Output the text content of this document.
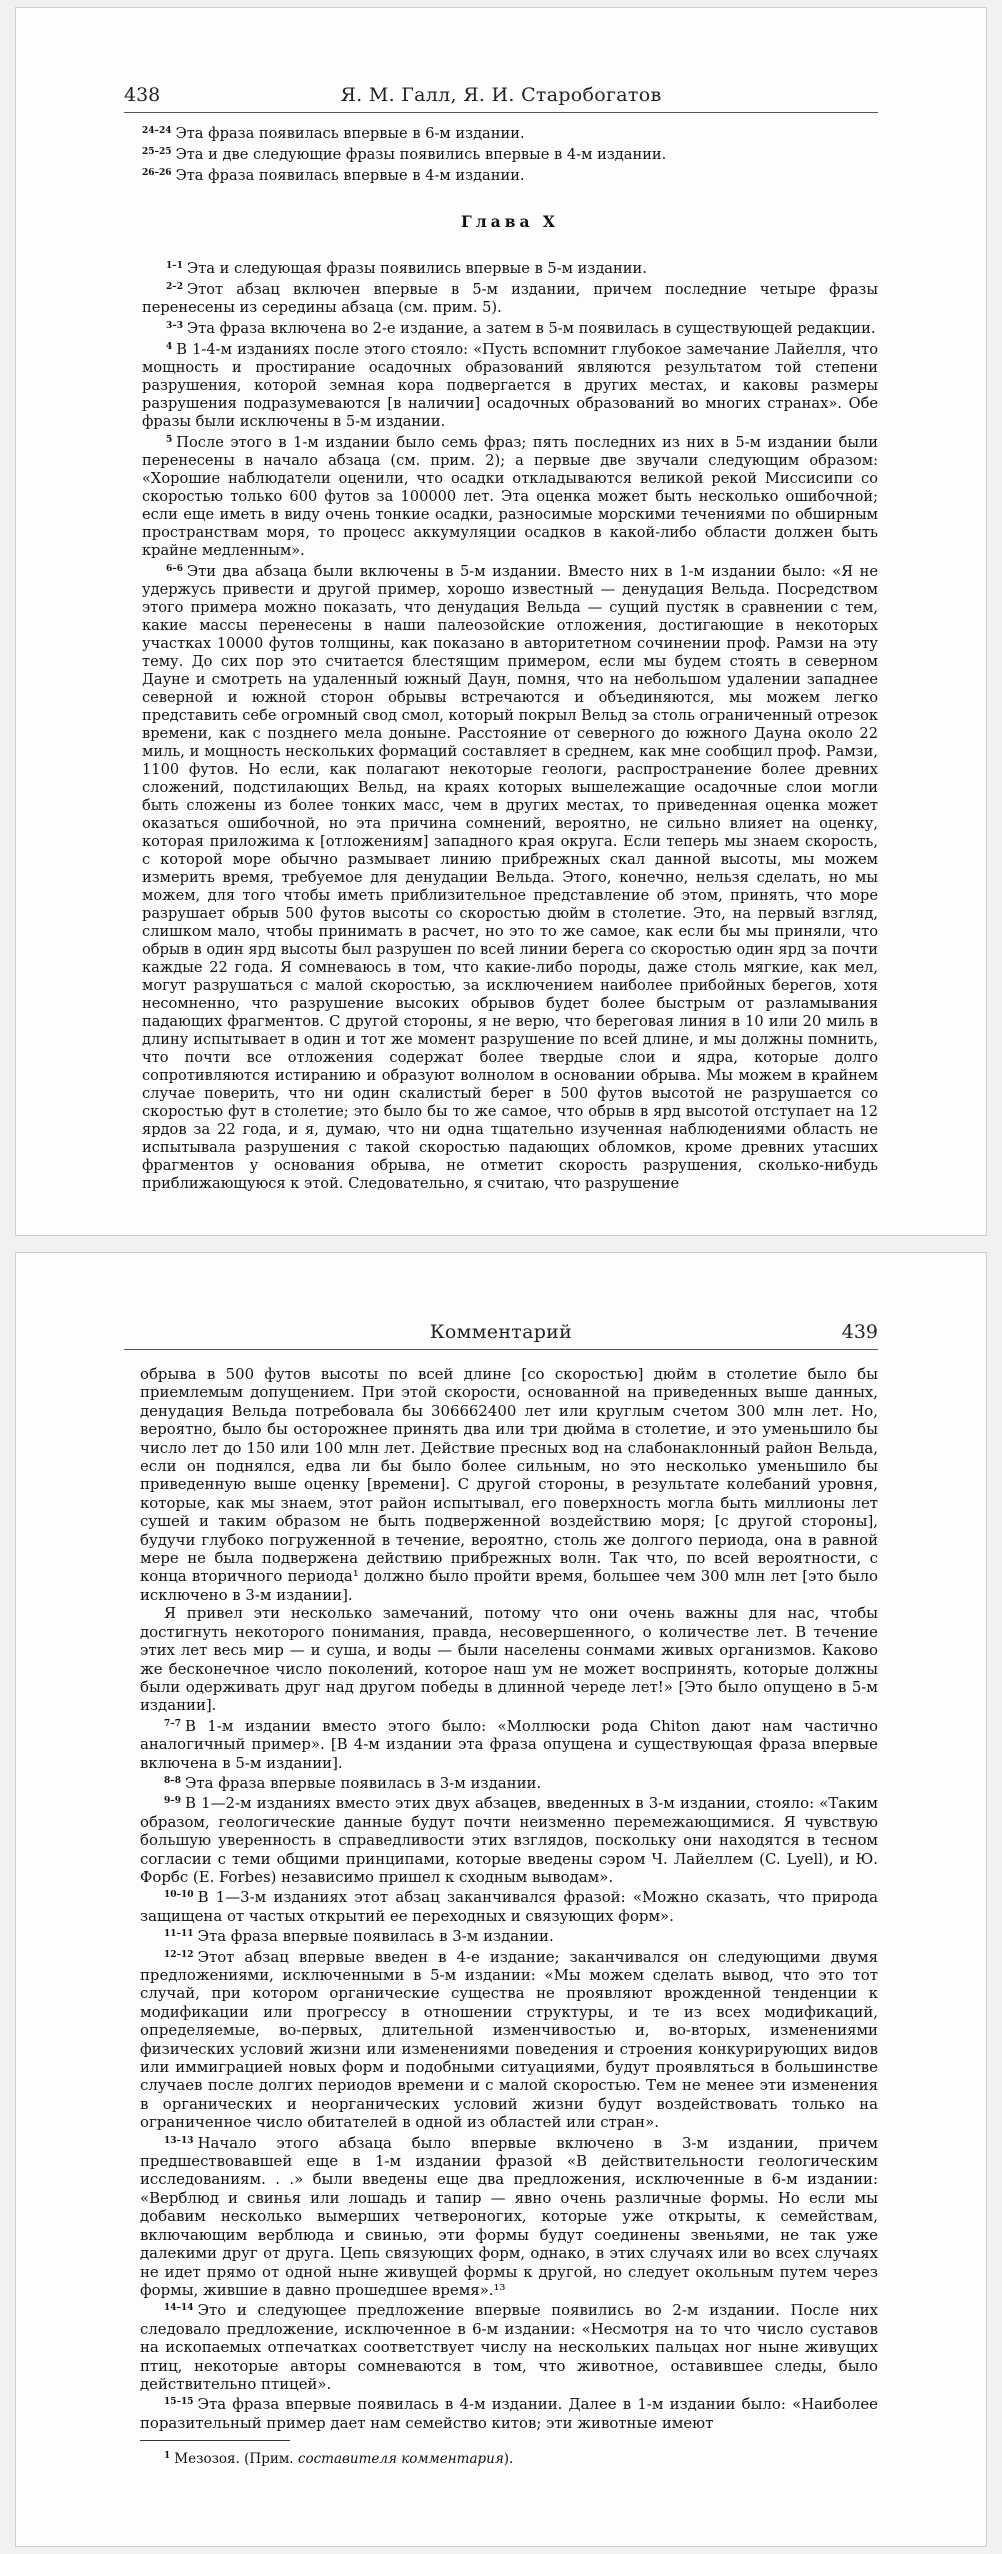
438	Я. М. Галл, Я. И. Старобогатов

$^{24-24}$ Эта фраза появилась впервые в 6-м издании.

$^{25-25}$ Эта и две следующие фразы появились впервые в 4-м издании.

$^{26-26}$ Эта фраза появилась впервые в 4-м издании.

Глава X

$^{1-1}$ Эта и следующая фразы появились впервые в 5-м издании.

$^{2-2}$ Этот абзац включен впервые в 5-м издании, причем последние четыре фразы перенесены из середины абзаца (см. прим. 5).

$^{3-3}$ Эта фраза включена во 2-е издание, а затем в 5-м появилась в существующей редакции.

$^4$ В 1-4-м изданиях после этого стояло: «Пусть вспомнит глубокое замечание Лайелля, что мощность и простирание осадочных образований являются результатом той степени разрушения, которой земная кора подвергается в других местах, и каковы размеры разрушения подразумеваются [в наличии] осадочных образований во многих странах». Обе фразы были исключены в 5-м издании.

$^5$ После этого в 1-м издании было семь фраз; пять последних из них в 5-м издании были перенесены в начало абзаца (см. прим. 2); а первые две звучали следующим образом: «Хорошие наблюдатели оценили, что осадки откладываются великой рекой Миссисипи со скоростью только 600 футов за 100000 лет. Эта оценка может быть несколько ошибочной; если еще иметь в виду очень тонкие осадки, разносимые морскими течениями по обширным пространствам моря, то процесс аккумуляции осадков в какой-либо области должен быть крайне медленным».

$^{6-6}$ Эти два абзаца были включены в 5-м издании. Вместо них в 1-м издании было: «Я не удержусь привести и другой пример, хорошо известный — денудация Вельда. Посредством этого примера можно показать, что денудация Вельда — сущий пустяк в сравнении с тем, какие массы перенесены в наши палеозойские отложения, достигающие в некоторых участках 10000 футов толщины, как показано в авторитетном сочинении проф. Рамзи на эту тему. До сих пор это считается блестящим примером, если мы будем стоять в северном Дауне и смотреть на удаленный южный Даун, помня, что на небольшом удалении западнее северной и южной сторон обрывы встречаются и объединяются, мы можем легко представить себе огромный свод смол, который покрыл Вельд за столь ограниченный отрезок времени, как с позднего мела доныне. Расстояние от северного до южного Дауна около 22 миль, и мощность нескольких формаций составляет в среднем, как мне сообщил проф. Рамзи, 1100 футов. Но если, как полагают некоторые геологи, распространение более древних сложений, подстилающих Вельд, на краях которых вышележащие осадочные слои могли быть сложены из более тонких масс, чем в других местах, то приведенная оценка может оказаться ошибочной, но эта причина сомнений, вероятно, не сильно влияет на оценку, которая приложима к [отложениям] западного края округа. Если теперь мы знаем скорость, с которой море обычно размывает линию прибрежных скал данной высоты, мы можем измерить время, требуемое для денудации Вельда. Этого, конечно, нельзя сделать, но мы можем, для того чтобы иметь приблизительное представление об этом, принять, что море разрушает обрыв 500 футов высоты со скоростью дюйм в столетие. Это, на первый взгляд, слишком мало, чтобы принимать в расчет, но это то же самое, как если бы мы приняли, что обрыв в один ярд высоты был разрушен по всей линии берега со скоростью один ярд за почти каждые 22 года. Я сомневаюсь в том, что какие-либо породы, даже столь мягкие, как мел, могут разрушаться с малой скоростью, за исключением наиболее прибойных берегов, хотя несомненно, что разрушение высоких обрывов будет более быстрым от разламывания падающих фрагментов. С другой стороны, я не верю, что береговая линия в 10 или 20 миль в длину испытывает в один и тот же момент разрушение по всей длине, и мы должны помнить, что почти все отложения содержат более твердые слои и ядра, которые долго сопротивляются истиранию и образуют волнолом в основании обрыва. Мы можем в крайнем случае поверить, что ни один скалистый берег в 500 футов высотой не разрушается со скоростью фут в столетие; это было бы то же самое, что обрыв в ярд высотой отступает на 12 ярдов за 22 года, и я, думаю, что ни одна тщательно изученная наблюдениями область не испытывала разрушения с такой скоростью падающих обломков, кроме древних утасших фрагментов у основания обрыва, не отметит скорость разрушения, сколько-нибудь приближающуюся к этой. Следовательно, я считаю, что разрушение

Комментарий	439

обрыва в 500 футов высоты по всей длине [со скоростью] дюйм в столетие было бы приемлемым допущением. При этой скорости, основанной на приведенных выше данных, денудация Вельда потребовала бы 306662400 лет или круглым счетом 300 млн лет. Но, вероятно, было бы осторожнее принять два или три дюйма в столетие, и это уменьшило бы число лет до 150 или 100 млн лет. Действие пресных вод на слабонаклонный район Вельда, если он поднялся, едва ли бы было более сильным, но это несколько уменьшило бы приведенную выше оценку [времени]. С другой стороны, в результате колебаний уровня, которые, как мы знаем, этот район испытывал, его поверхность могла быть миллионы лет сушей и таким образом не быть подверженной воздействию моря; [с другой стороны], будучи глубоко погруженной в течение, вероятно, столь же долгого периода, она в равной мере не была подвержена действию прибрежных волн. Так что, по всей вероятности, с конца вторичного периода¹ должно было пройти время, большее чем 300 млн лет [это было исключено в 3-м издании].

Я привел эти несколько замечаний, потому что они очень важны для нас, чтобы достигнуть некоторого понимания, правда, несовершенного, о количестве лет. В течение этих лет весь мир — и суша, и воды — были населены сонмами живых организмов. Каково же бесконечное число поколений, которое наш ум не может воспринять, которые должны были одерживать друг над другом победы в длинной череде лет!» [Это было опущено в 5-м издании].

$^{7-7}$ В 1-м издании вместо этого было: «Моллюски рода Chiton дают нам частично аналогичный пример». [В 4-м издании эта фраза опущена и существующая фраза впервые включена в 5-м издании].

$^{8-8}$ Эта фраза впервые появилась в 3-м издании.

$^{9-9}$ В 1—2-м изданиях вместо этих двух абзацев, введенных в 3-м издании, стояло: «Таким образом, геологические данные будут почти неизменно перемежающимися. Я чувствую большую уверенность в справедливости этих взглядов, поскольку они находятся в тесном согласии с теми общими принципами, которые введены сэром Ч. Лайеллем (C. Lyell), и Ю. Форбс (E. Forbes) независимо пришел к сходным выводам».

$^{10-10}$ В 1—3-м изданиях этот абзац заканчивался фразой: «Можно сказать, что природа защищена от частых открытий ее переходных и связующих форм».

$^{11-11}$ Эта фраза впервые появилась в 3-м издании.

$^{12-12}$ Этот абзац впервые введен в 4-е издание; заканчивался он следующими двумя предложениями, исключенными в 5-м издании: «Мы можем сделать вывод, что это тот случай, при котором органические существа не проявляют врожденной тенденции к модификации или прогрессу в отношении структуры, и те из всех модификаций, определяемые, во-первых, длительной изменчивостью и, во-вторых, изменениями физических условий жизни или изменениями поведения и строения конкурирующих видов или иммиграцией новых форм и подобными ситуациями, будут проявляться в большинстве случаев после долгих периодов времени и с малой скоростью. Тем не менее эти изменения в органических и неорганических условий жизни будут воздействовать только на ограниченное число обитателей в одной из областей или стран».

$^{13-13}$ Начало этого абзаца было впервые включено в 3-м издании, причем предшествовавшей еще в 1-м издании фразой «В действительности геологическим исследованиям. . .» были введены еще два предложения, исключенные в 6-м издании: «Верблюд и свинья или лошадь и тапир — явно очень различные формы. Но если мы добавим несколько вымерших четвероногих, которые уже открыты, к семействам, включающим верблюда и свинью, эти формы будут соединены звеньями, не так уже далекими друг от друга. Цепь связующих форм, однако, в этих случаях или во всех случаях не идет прямо от одной ныне живущей формы к другой, но следует окольным путем через формы, жившие в давно прошедшее время».¹³

$^{14-14}$ Это и следующее предложение впервые появились во 2-м издании. После них следовало предложение, исключенное в 6-м издании: «Несмотря на то что число суставов на ископаемых отпечатках соответствует числу на нескольких пальцах ног ныне живущих птиц, некоторые авторы сомневаются в том, что животное, оставившее следы, было действительно птицей».

$^{15-15}$ Эта фраза впервые появилась в 4-м издании. Далее в 1-м издании было: «Наиболее поразительный пример дает нам семейство китов; эти животные имеют

$^1$ Мезозоя. (Прим. составителя комментария).
